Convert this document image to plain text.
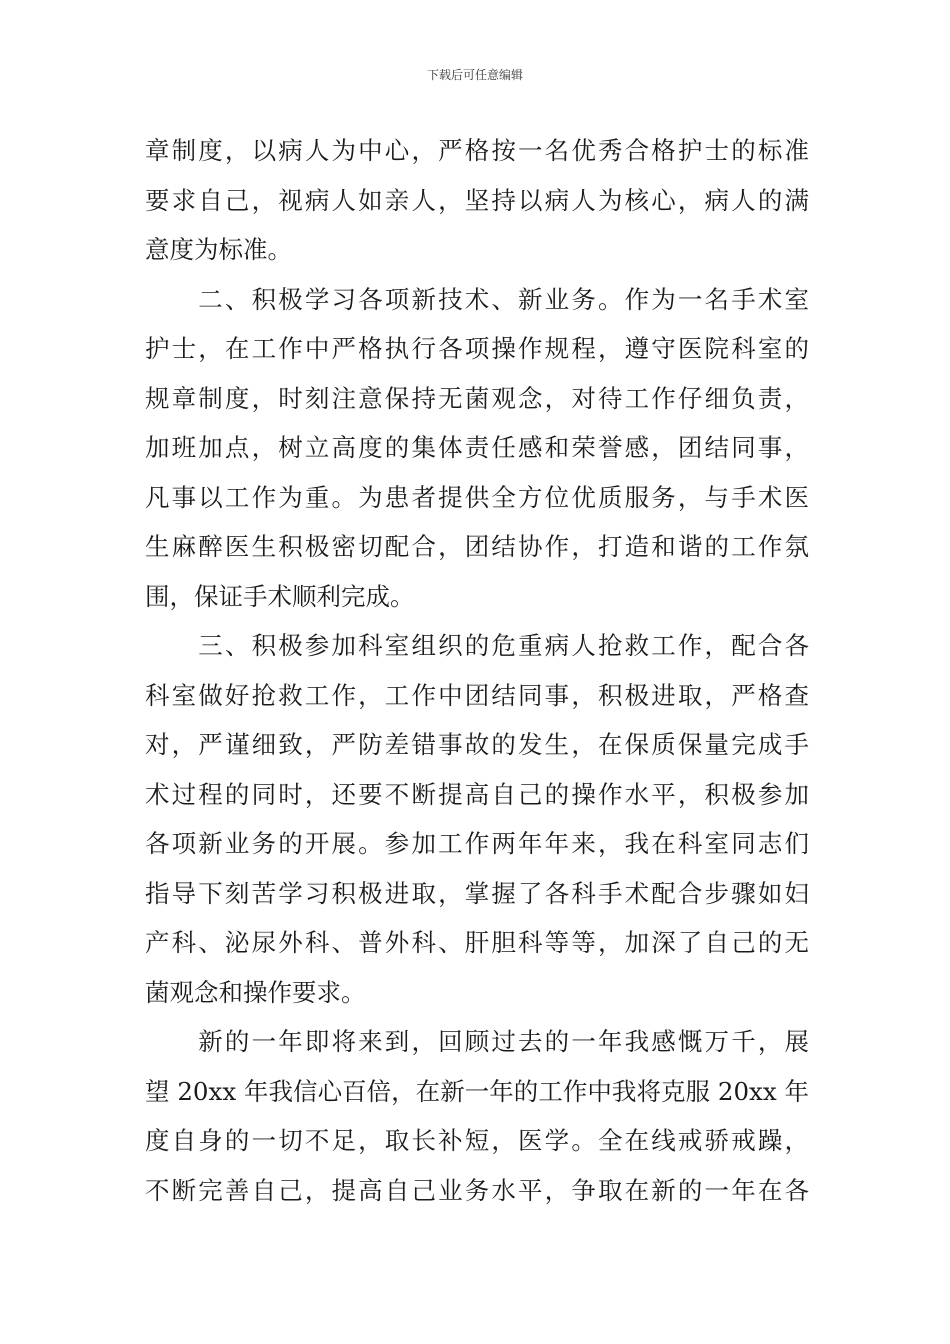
下载后可任意编辑
章制度，以病人为中心，严格按一名优秀合格护士的标准
要求自己，视病人如亲人，坚持以病人为核心，病人的满
意度为标准。
　　二、积极学习各项新技术、新业务。作为一名手术室
护士，在工作中严格执行各项操作规程，遵守医院科室的
规章制度，时刻注意保持无菌观念，对待工作仔细负责，
加班加点，树立高度的集体责任感和荣誉感，团结同事，
凡事以工作为重。为患者提供全方位优质服务，与手术医
生麻醉医生积极密切配合，团结协作，打造和谐的工作氛
围，保证手术顺利完成。
　　三、积极参加科室组织的危重病人抢救工作，配合各
科室做好抢救工作，工作中团结同事，积极进取，严格查
对，严谨细致，严防差错事故的发生，在保质保量完成手
术过程的同时，还要不断提高自己的操作水平，积极参加
各项新业务的开展。参加工作两年年来，我在科室同志们
指导下刻苦学习积极进取，掌握了各科手术配合步骤如妇
产科、泌尿外科、普外科、肝胆科等等，加深了自己的无
菌观念和操作要求。
　　新的一年即将来到，回顾过去的一年我感慨万千，展
望 20xx 年我信心百倍，在新一年的工作中我将克服 20xx 年
度自身的一切不足，取长补短，医学。全在线戒骄戒躁，
不断完善自己，提高自己业务水平，争取在新的一年在各
